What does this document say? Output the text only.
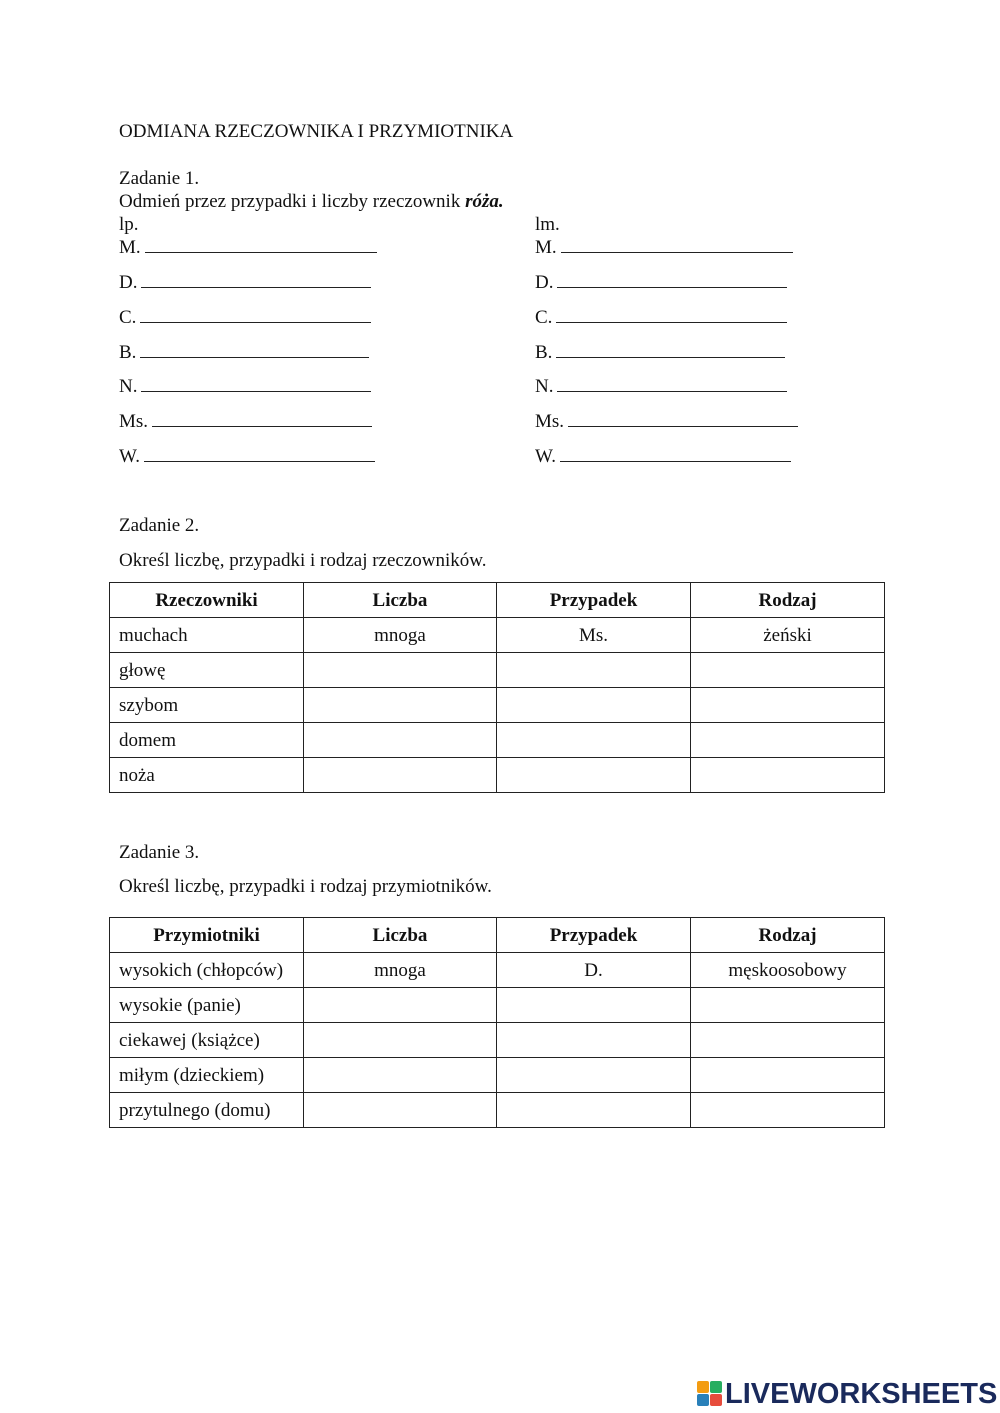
ODMIANA RZECZOWNIKA I PRZYMIOTNIKA
Zadanie 1.
Odmień przez przypadki i liczby rzeczownik róża.
lp.	lm.
M.
D.
C.
B.
N.
Ms.
W.
M.
D.
C.
B.
N.
Ms.
W.
Zadanie 2.
Określ liczbę, przypadki i rodzaj rzeczowników.
Rzeczowniki	Liczba	Przypadek	Rodzaj
muchach	mnoga	Ms.	żeński
głowę			
szybom			
domem			
noża			
Zadanie 3.
Określ liczbę, przypadki i rodzaj przymiotników.
Przymiotniki	Liczba	Przypadek	Rodzaj
wysokich (chłopców)	mnoga	D.	męskoosobowy
wysokie (panie)			
ciekawej (książce)			
miłym (dzieckiem)			
przytulnego (domu)			
LIVEWORKSHEETS
